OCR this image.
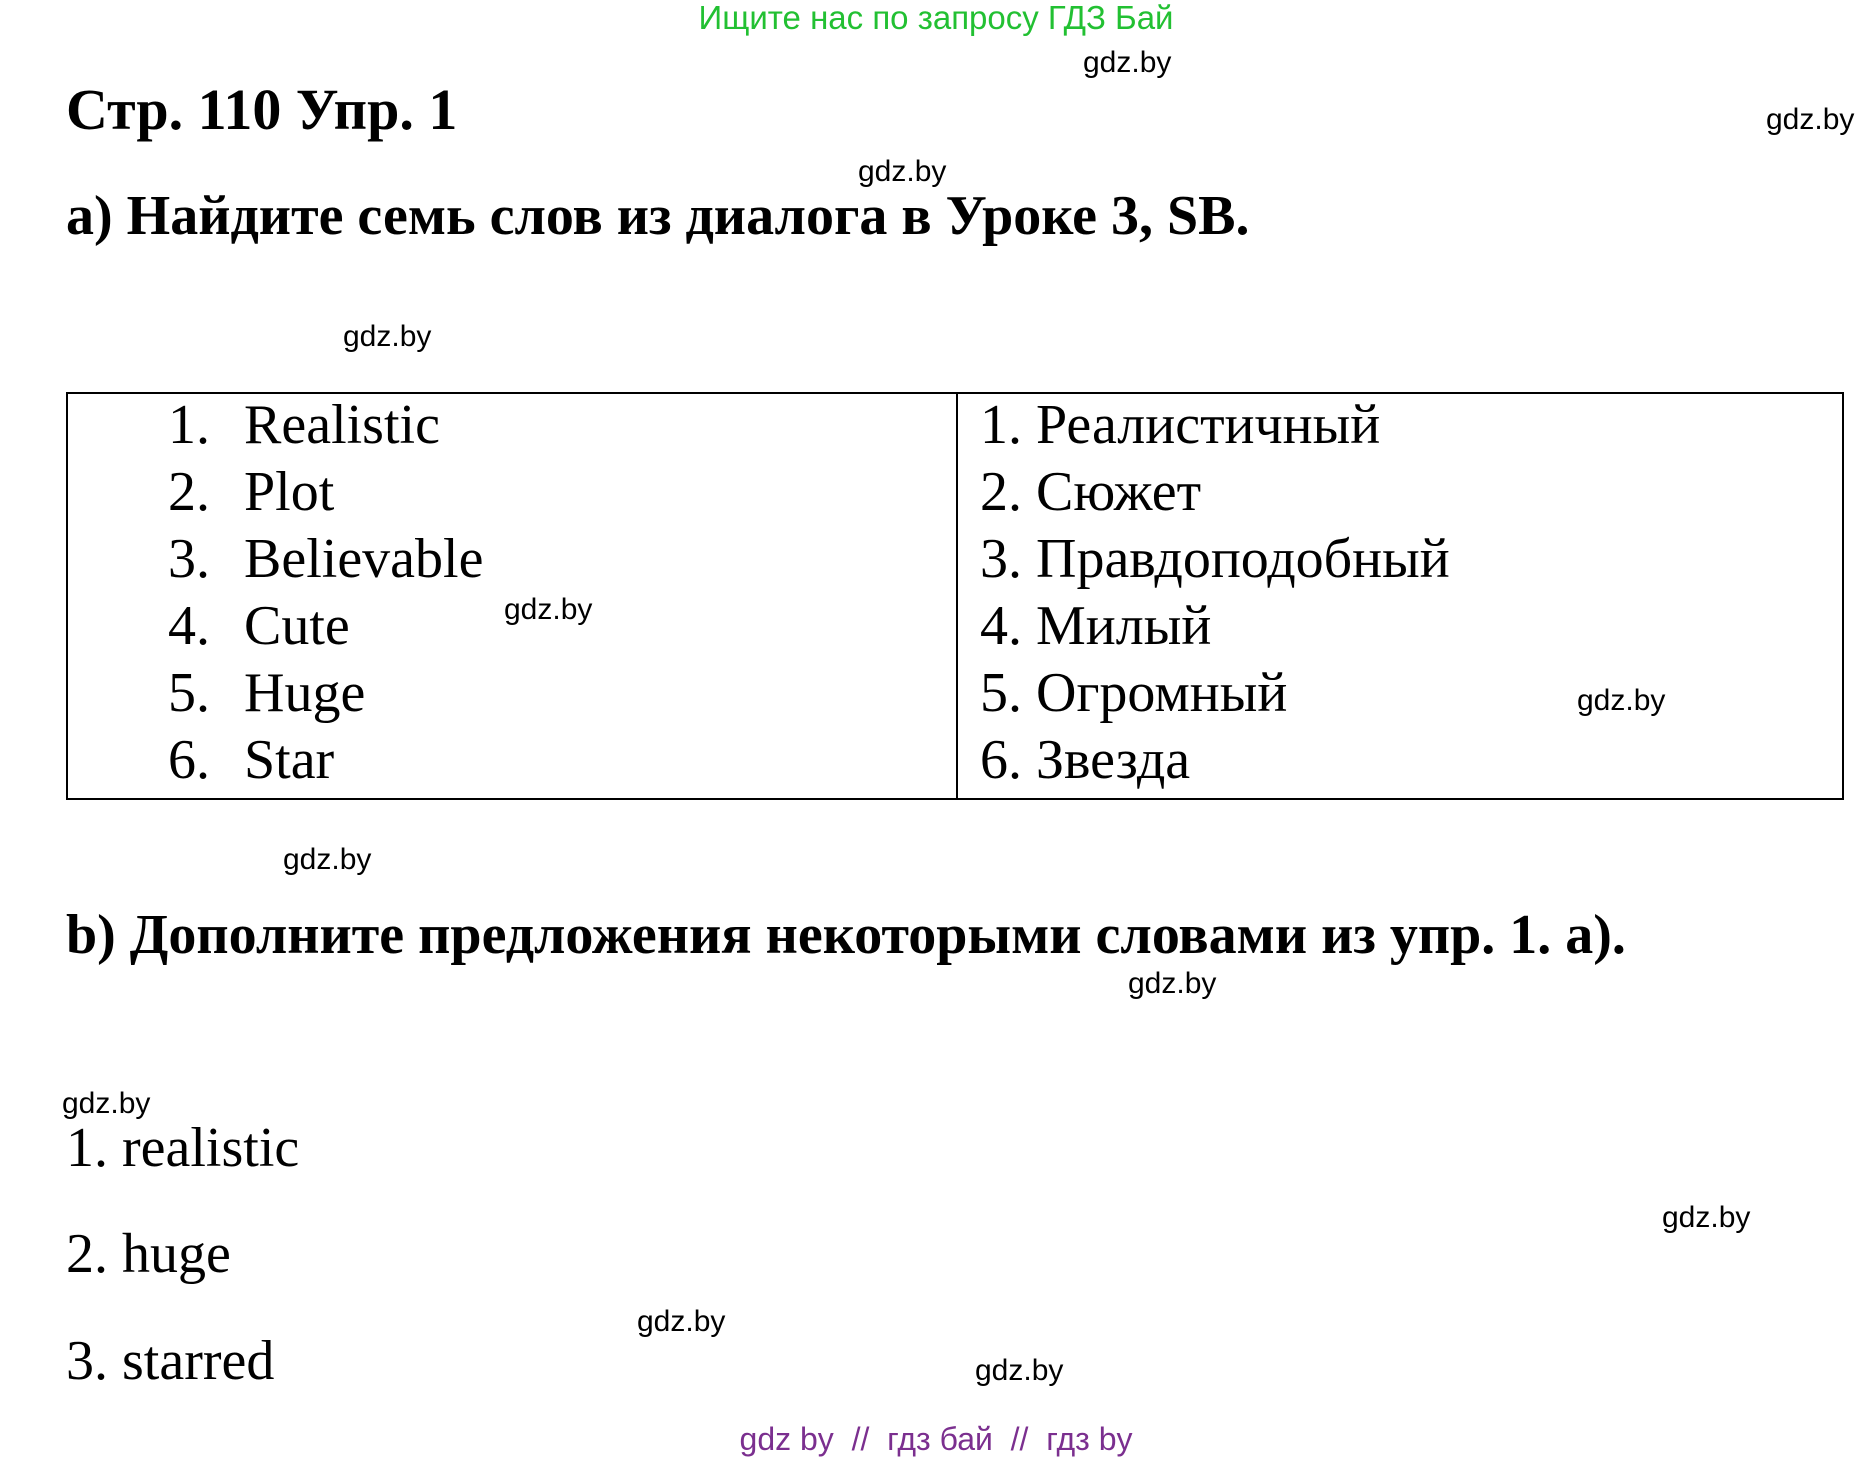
Ищите нас по запросу ГДЗ Бай
gdz.by
gdz.by
gdz.by
gdz.by
gdz.by
gdz.by
gdz.by
gdz.by
gdz.by
gdz.by
gdz.by
gdz.by
Стр. 110 Упр. 1
а) Найдите семь слов из диалога в Уроке 3, SB.
1. Realistic
2. Plot
3. Believable
4. Cute
5. Huge
6. Star
1. Реалистичный
2. Сюжет
3. Правдоподобный
4. Милый
5. Огромный
6. Звезда
b) Дополните предложения некоторыми словами из упр. 1. а).
1. realistic
2. huge
3. starred
gdz by  //  гдз бай  //  гдз by
